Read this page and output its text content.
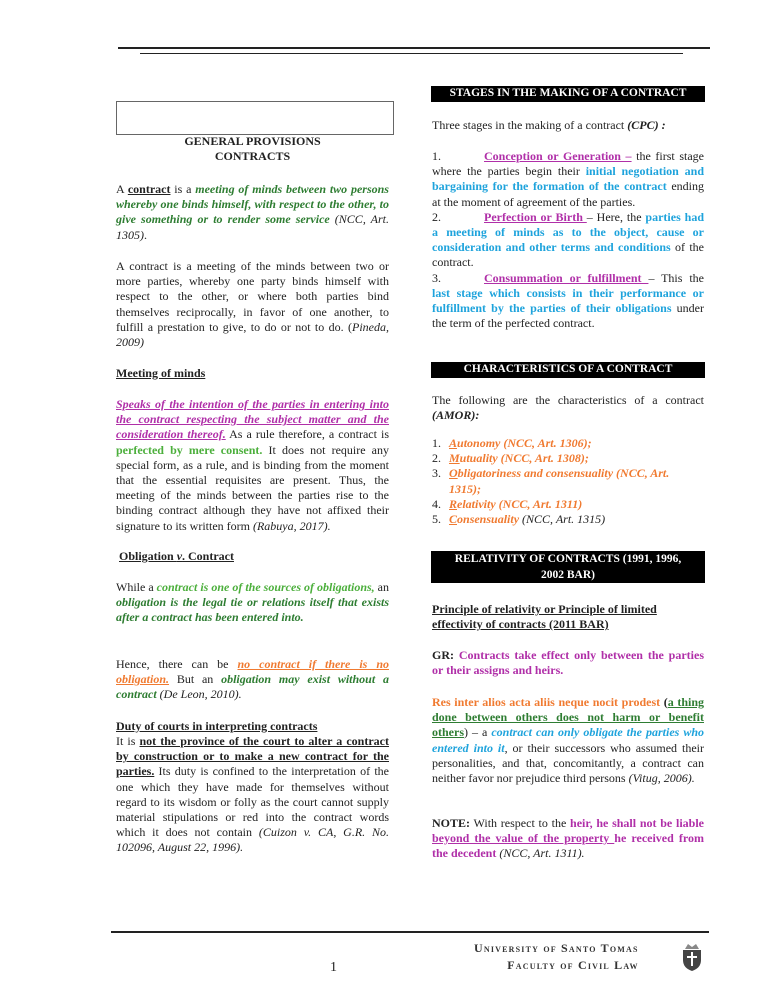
GENERAL PROVISIONS
CONTRACTS

A contract is a meeting of minds between two persons whereby one binds himself, with respect to the other, to give something or to render some service (NCC, Art. 1305).

A contract is a meeting of the minds between two or more parties, whereby one party binds himself with respect to the other, or where both parties bind themselves reciprocally, in favor of one another, to fulfill a prestation to give, to do or not to do. (Pineda, 2009)

Meeting of minds

Speaks of the intention of the parties in entering into the contract respecting the subject matter and the consideration thereof. As a rule therefore, a contract is perfected by mere consent. It does not require any special form, as a rule, and is binding from the moment that the essential requisites are present. Thus, the meeting of the minds between the parties rise to the binding contract although they have not affixed their signature to its written form (Rabuya, 2017).

Obligation v. Contract

While a contract is one of the sources of obligations, an obligation is the legal tie or relations itself that exists after a contract has been entered into.

Hence, there can be no contract if there is no obligation. But an obligation may exist without a contract (De Leon, 2010).

Duty of courts in interpreting contracts

It is not the province of the court to alter a contract by construction or to make a new contract for the parties. Its duty is confined to the interpretation of the one which they have made for themselves without regard to its wisdom or folly as the court cannot supply material stipulations or red into the contract words which it does not contain (Cuizon v. CA, G.R. No. 102096, August 22, 1996).

STAGES IN THE MAKING OF A CONTRACT

Three stages in the making of a contract (CPC) :

1.	Conception or Generation – the first stage where the parties begin their initial negotiation and bargaining for the formation of the contract ending at the moment of agreement of the parties.

2.	Perfection or Birth – Here, the parties had a meeting of minds as to the object, cause or consideration and other terms and conditions of the contract.

3.	Consummation or fulfillment – This the last stage which consists in their performance or fulfillment by the parties of their obligations under the term of the perfected contract.

CHARACTERISTICS OF A CONTRACT

The following are the characteristics of a contract (AMOR):

1. Autonomy (NCC, Art. 1306);
2. Mutuality (NCC, Art. 1308);
3. Obligatoriness and consensuality (NCC, Art. 1315);
4. Relativity (NCC, Art. 1311)
5. Consensuality (NCC, Art. 1315)
RELATIVITY OF CONTRACTS (1991, 1996, 2002 BAR)
Principle of relativity or Principle of limited effectivity of contracts (2011 BAR)

GR: Contracts take effect only between the parties or their assigns and heirs.

Res inter alios acta aliis neque nocit prodest (a thing done between others does not harm or benefit others) – a contract can only obligate the parties who entered into it, or their successors who assumed their personalities, and that, concomitantly, a contract can neither favor nor prejudice third persons (Vitug, 2006).

NOTE: With respect to the heir, he shall not be liable beyond the value of the property he received from the decedent (NCC, Art. 1311).

1
University of Santo Tomas
Faculty of Civil Law
